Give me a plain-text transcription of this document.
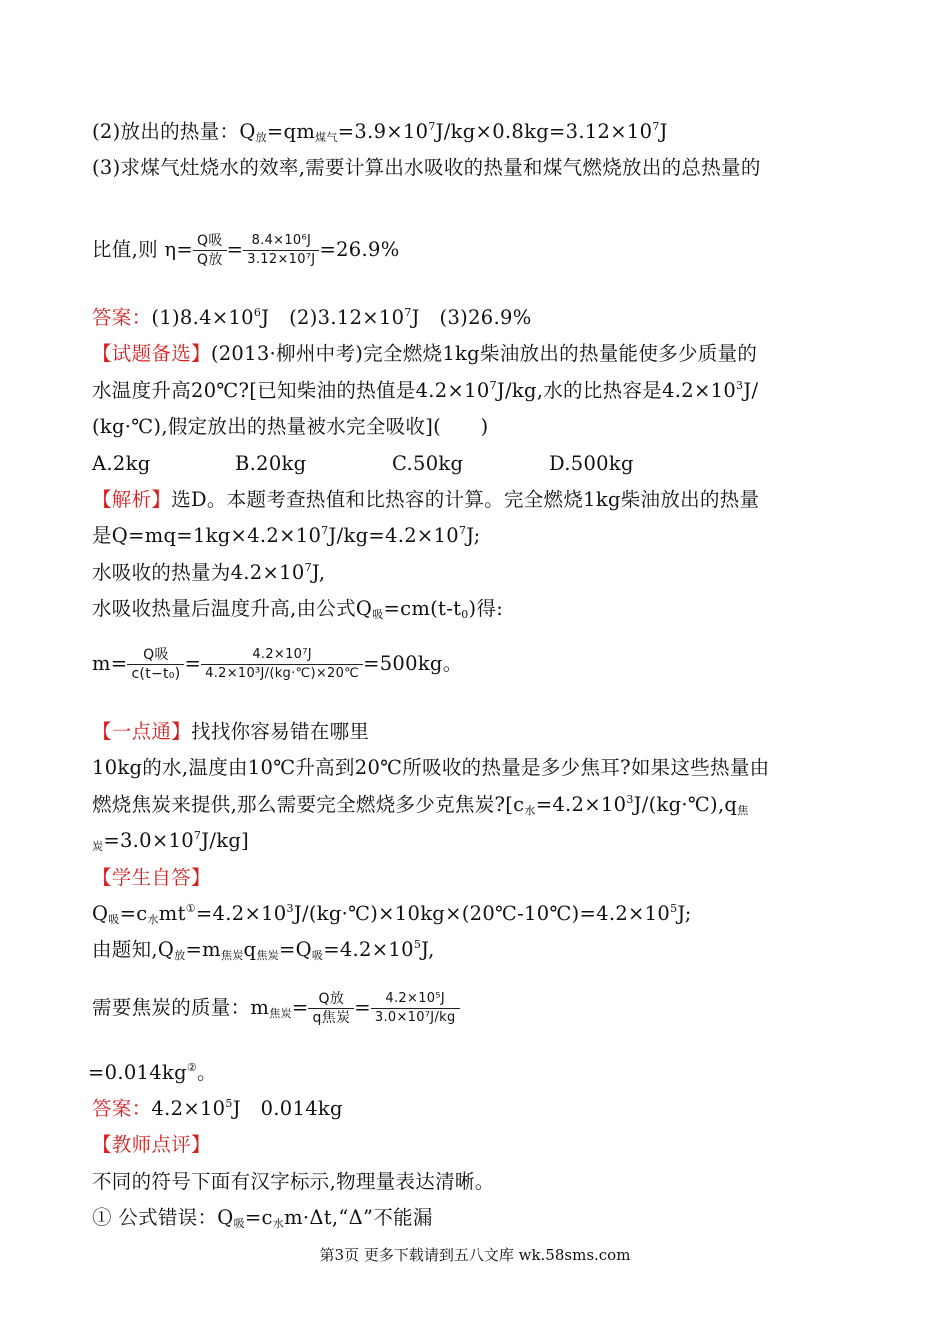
(2)放出的热量：$Q_放=qm_{煤气}=3.9\times 10^7J/kg\times 0.8kg=3.12\times 10^7J$
(3)求煤气灶烧水的效率,需要计算出水吸收的热量和煤气燃烧放出的总热量的
比值,则 $\eta= \frac{\text{Q吸}}{\text{Q放}} = \frac{\text{8.4×10⁶J}}{\text{3.12×10⁷J}} =26.9\%$
答案：$(1)8.4\times 10^6J$　$(2)3.12\times 10^7J$　(3)26.9%
【试题备选】(2013·柳州中考)完全燃烧1kg柴油放出的热量能使多少质量的
水温度升高20℃?[已知柴油的热值是$4.2\times 10^7J/kg$,水的比热容是$4.2\times 10^3J/$
(kg·℃),假定放出的热量被水完全吸收](　　)
A.2kg	B.20kg	C.50kg	D.500kg
【解析】选D。本题考查热值和比热容的计算。完全燃烧1kg柴油放出的热量
是$Q=mq=1kg\times 4.2\times 10^7J/kg=4.2\times 10^7J$;
水吸收的热量为$4.2\times 10^7J$,
水吸收热量后温度升高,由公式$Q_吸=cm(t-t_0)$得:
$m= \frac{\text{Q吸}}{\text{c(t−t₀)}} = \frac{\text{4.2×10⁷J}}{\text{4.2×10³J/(kg·℃)×20℃}} =500kg$。
【一点通】找找你容易错在哪里
10kg的水,温度由10℃升高到20℃所吸收的热量是多少焦耳?如果这些热量由
燃烧焦炭来提供,那么需要完全燃烧多少克焦炭$?[c_水=4.2\times 10^3J/(kg\cdot℃),q_焦$
$_炭=3.0\times 10^7J/kg$]
【学生自答】
$Q_吸=c_水mt^①=4.2\times 10^3J/(kg\cdot℃)\times 10kg\times(20℃-10℃)=4.2\times 10^5J$;
由题知$,Q_放=m_{焦炭}q_{焦炭}=Q_吸=4.2\times 10^5J$,
需要焦炭的质量：$m_{焦炭}= \frac{\text{Q放}}{\text{q焦炭}} = \frac{\text{4.2×10⁵J}}{\text{3.0×10⁷J/kg}}$
=0.014kg②。
答案：$4.2\times 10^5J$　0.014kg
【教师点评】
不同的符号下面有汉字标示,物理量表达清晰。
① 公式错误：$Q_吸=c_水m\cdot\Delta t,“\Delta$”不能漏
第3页 更多下载请到五八文库 wk.58sms.com
